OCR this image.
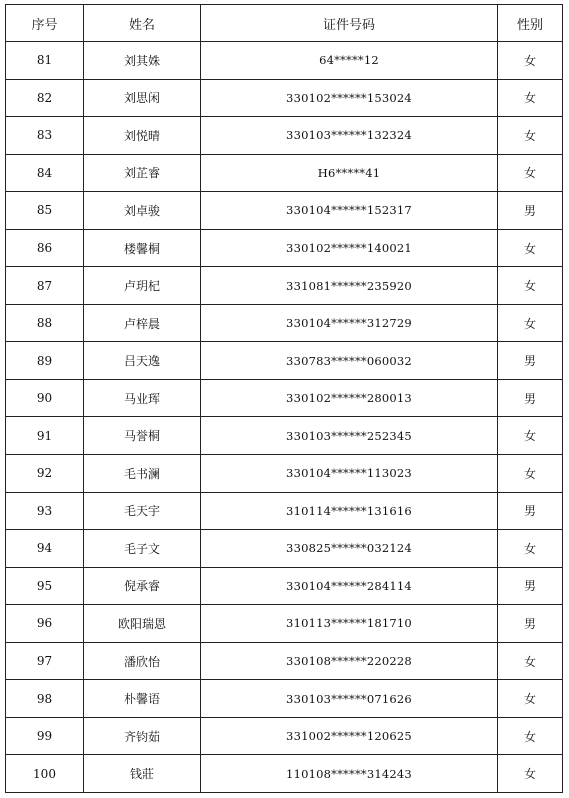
序号	姓名	证件号码	性别
81	刘其姝	64*****12	女
82	刘思闲	330102******153024	女
83	刘悦晴	330103******132324	女
84	刘芷睿	H6*****41	女
85	刘卓骏	330104******152317	男
86	楼馨桐	330102******140021	女
87	卢玥杞	331081******235920	女
88	卢梓晨	330104******312729	女
89	吕天逸	330783******060032	男
90	马业珲	330102******280013	男
91	马誉桐	330103******252345	女
92	毛书澜	330104******113023	女
93	毛天宇	310114******131616	男
94	毛子文	330825******032124	女
95	倪承睿	330104******284114	男
96	欧阳瑞恩	310113******181710	男
97	潘欣怡	330108******220228	女
98	朴馨语	330103******071626	女
99	齐钧茹	331002******120625	女
100	钱莊	110108******314243	女
